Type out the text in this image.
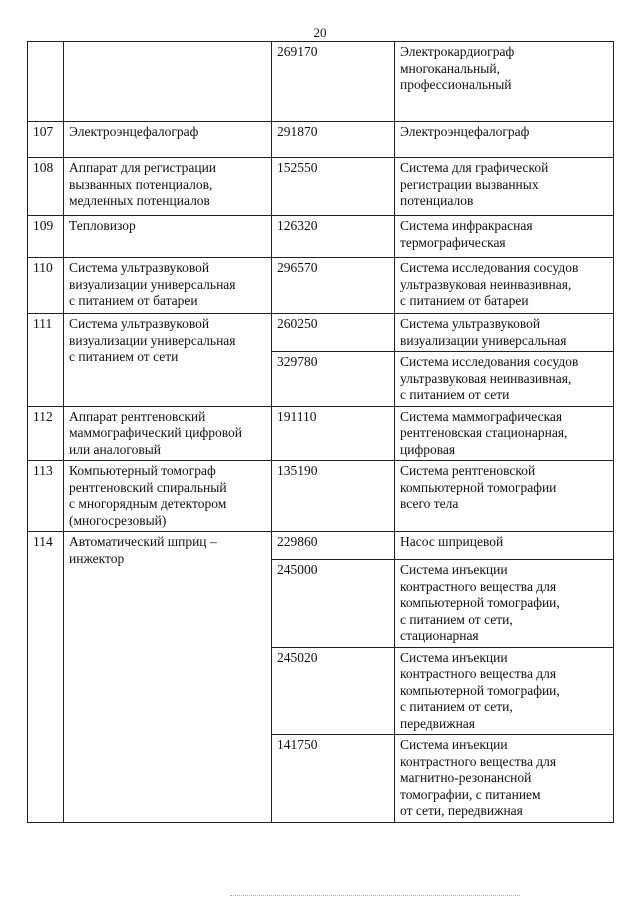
20
		269170	Электрокардиограф
многоканальный,
профессиональный

107	Электроэнцефалограф	291870	Электроэнцефалограф

108	Аппарат для регистрации
вызванных потенциалов,
медленных потенциалов	152550	Система для графической
регистрации вызванных
потенциалов

109	Тепловизор	126320	Система инфракрасная
термографическая

110	Система ультразвуковой
визуализации универсальная
с питанием от батареи	296570	Система исследования сосудов
ультразвуковая неинвазивная,
с питанием от батареи

111	Система ультразвуковой
визуализации универсальная
с питанием от сети	260250	Система ультразвуковой
визуализации универсальная

		329780	Система исследования сосудов
ультразвуковая неинвазивная,
с питанием от сети

112	Аппарат рентгеновский
маммографический цифровой
или аналоговый	191110	Система маммографическая
рентгеновская стационарная,
цифровая

113	Компьютерный томограф
рентгеновский спиральный
с многорядным детектором
(многосрезовый)	135190	Система рентгеновской
компьютерной томографии
всего тела

114	Автоматический шприц –
инжектор	229860	Насос шприцевой

		245000	Система инъекции
контрастного вещества для
компьютерной томографии,
с питанием от сети,
стационарная

		245020	Система инъекции
контрастного вещества для
компьютерной томографии,
с питанием от сети,
передвижная

		141750	Система инъекции
контрастного вещества для
магнитно-резонансной
томографии, с питанием
от сети, передвижная
